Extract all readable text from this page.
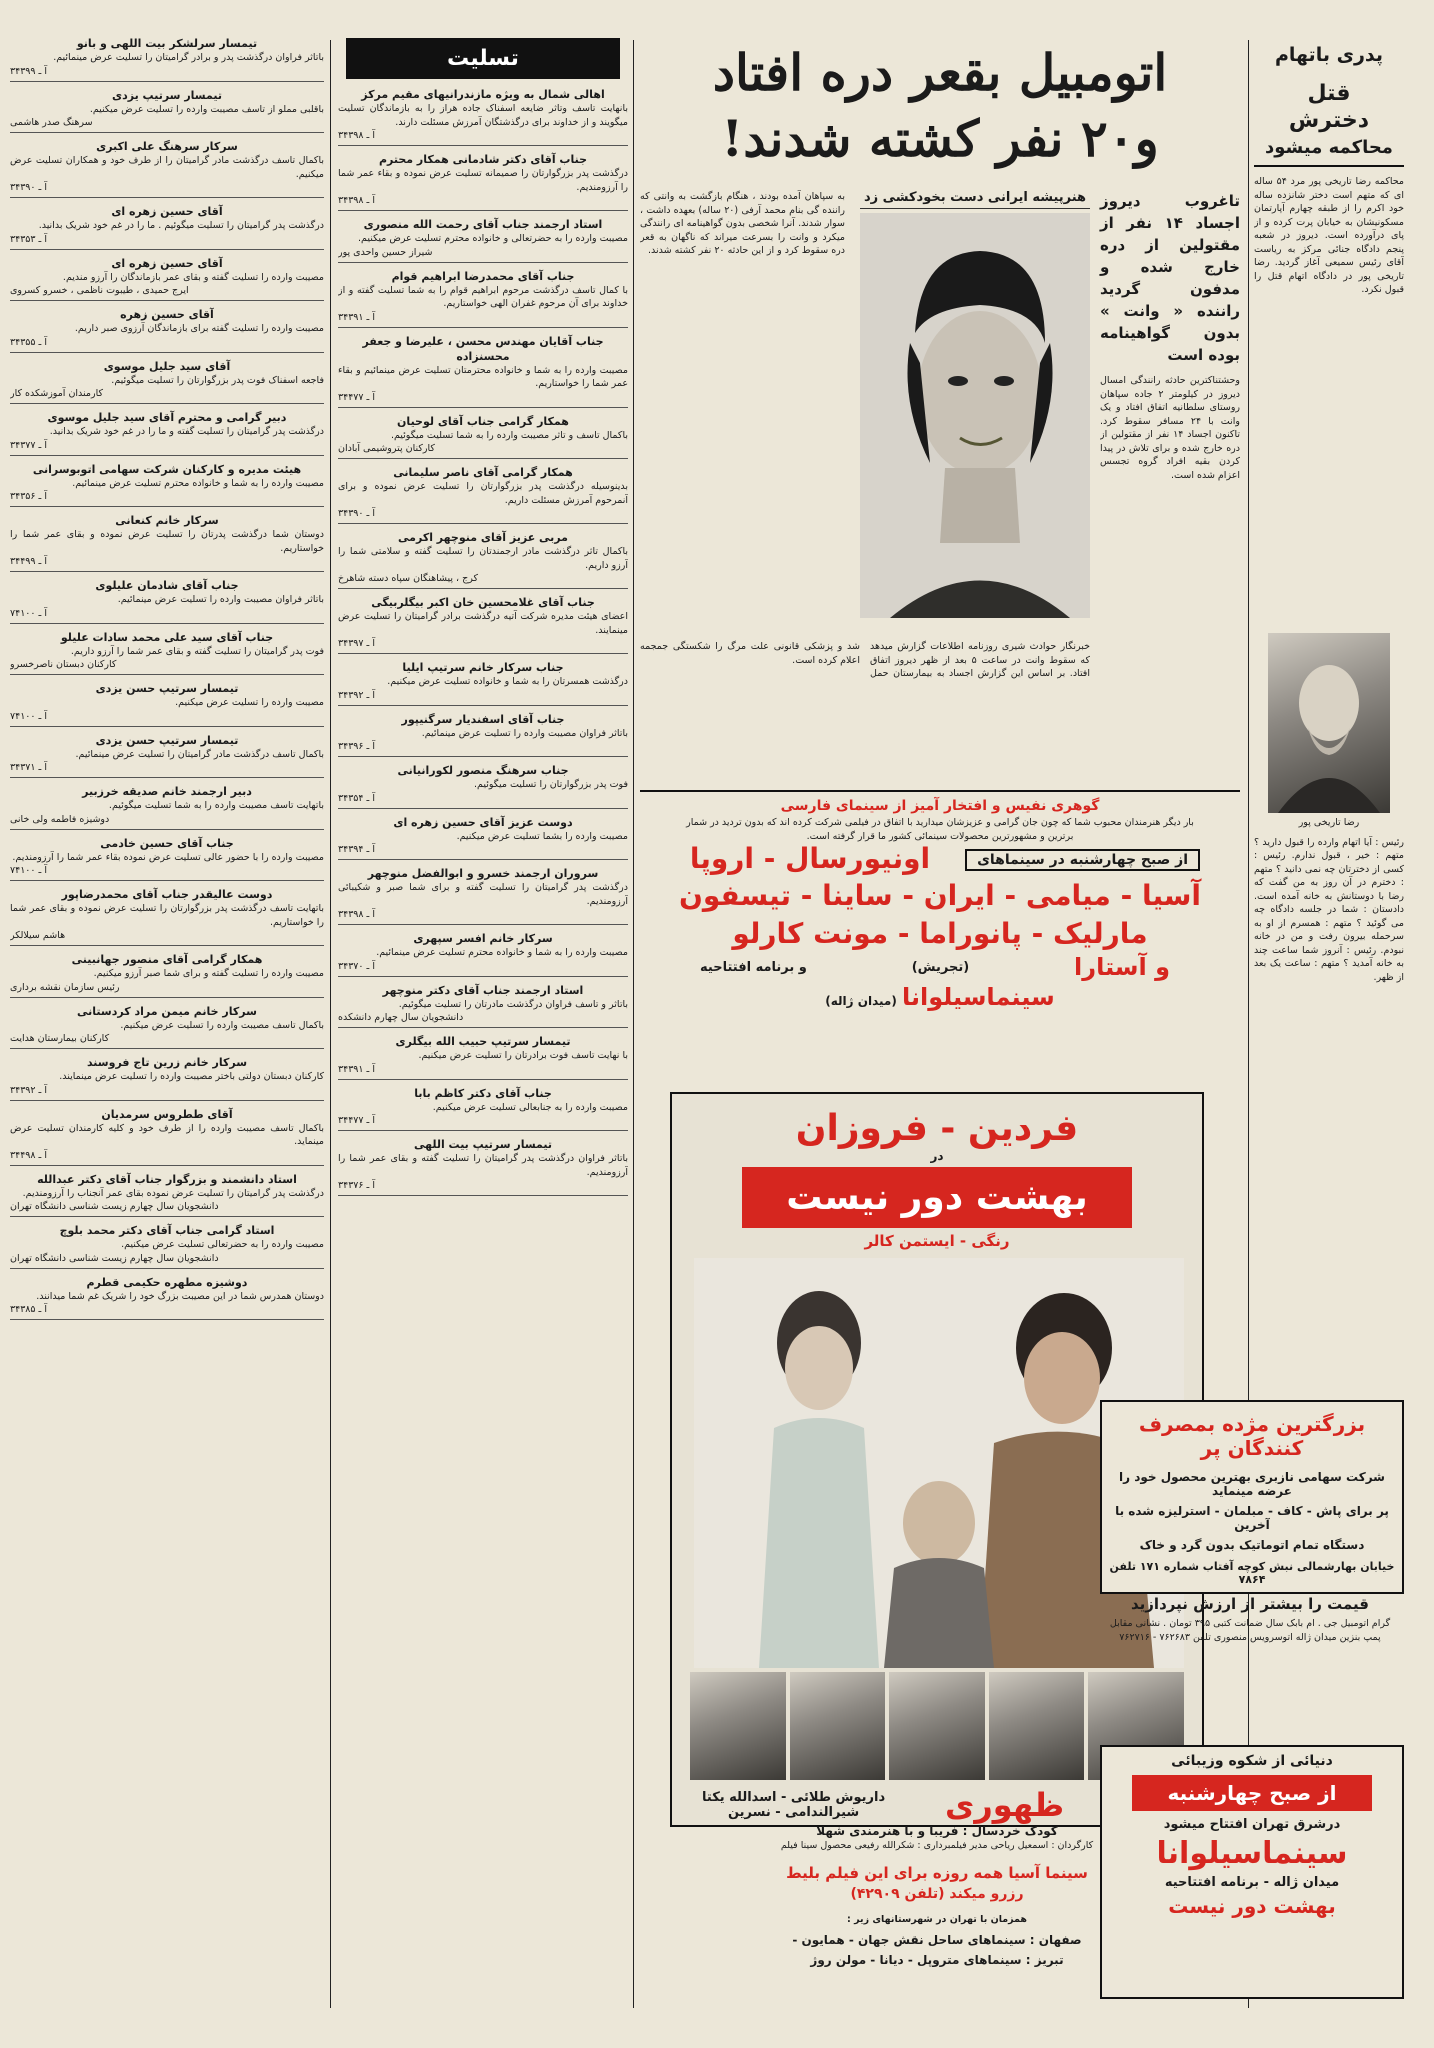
پدری باتهام
قتل
دخترش
محاکمه میشود
محاکمه رضا تاریخی پور مرد ۵۴ ساله ای که متهم است دختر شانزده ساله خود اکرم را از طبقه چهارم آپارتمان مسکونیشان به خیابان پرت کرده و از پای درآورده است. دیروز در شعبه پنجم دادگاه جنائی مرکز به ریاست آقای رئیس سمیعی آغاز گردید. رضا تاریخی پور در دادگاه اتهام قتل را قبول نکرد.
رضا تاریخی پور
رئیس : آیا اتهام وارده را قبول دارید ؟ متهم : خیر ، قبول ندارم. رئیس : کسی از دخترتان چه نمی دانید ؟ متهم : دخترم در آن روز به من گفت که رضا با دوستانش به خانه آمده است. دادستان : شما در جلسه دادگاه چه می گوئید ؟ متهم : همسرم از او به سرحمله بیرون رفت و من در خانه نبودم. رئیس : آنروز شما ساعت چند به خانه آمدید ؟ متهم : ساعت یک بعد از ظهر.
اتومبیل بقعر دره افتاد
و۲۰ نفر کشته شدند!
تاغروب دیروز اجساد ۱۴ نفر از مقتولین از دره خارج شده و مدفون گردید راننده « وانت » بدون گواهینامه بوده است
وحشتناکترین حادثه رانندگی امسال دیروز در کیلومتر ۲ جاده سپاهان روستای سلطانیه اتفاق افتاد و یک وانت با ۲۴ مسافر سقوط کرد. تاکنون اجساد ۱۴ نفر از مقتولین از دره خارج شده و برای تلاش در پیدا کردن بقیه افراد گروه تجسس اعزام شده است.
هنرپیشه ایرانی دست بخودکشی زد
به سپاهان آمده بودند ، هنگام بازگشت به وانتی که راننده گی بنام محمد آرفی (۲۰ ساله) بعهده داشت ، سوار شدند. آنرا شخصی بدون گواهینامه ای رانندگی میکرد و وانت را بسرعت میراند که ناگهان به قعر دره سقوط کرد و از این حادثه ۲۰ نفر کشته شدند.
خبرنگار حوادث شیری روزنامه اطلاعات گزارش میدهد که سقوط وانت در ساعت ۵ بعد از ظهر دیروز اتفاق افتاد. بر اساس این گزارش اجساد به بیمارستان حمل شد و پزشکی قانونی علت مرگ را شکستگی جمجمه اعلام کرده است.
گوهری نفیس و افتخار آمیز از سینمای فارسی
بار دیگر هنرمندان محبوب شما که چون جان گرامی و عزیزشان میدارید با اتفاق در فیلمی شرکت کرده اند که بدون تردید در شمار برترین و مشهورترین محصولات سینمائی کشور ما قرار گرفته است.
از صبح چهارشنبه در سینماهای
اونیورسال - اروپا
آسیا - میامی - ایران - ساینا - تیسفون
مارلیک - پانوراما - مونت کارلو
و آستارا
(تجریش)
و برنامه افتتاحیه
سینماسیلوانا (میدان ژاله)
فردین - فروزان
در
بهشت دور نیست
رنگی - ایستمن کالر
ظهوری
داریوش طلائی - اسدالله یکتا
شیرالندامی - نسرین
کودک خردسال : فریبا و با هنرمندی شهلا
کارگردان : اسمعیل ریاحی مدیر فیلمبرداری : شکرالله رفیعی محصول سینا فیلم
سینما آسیا همه روزه برای این فیلم بلیط
رزرو میکند (تلفن ۴۲۹۰۹)
همزمان با تهران در شهرستانهای زیر :
صفهان : سینماهای ساحل نقش جهان - همایون -
تبریز : سینماهای متروپل - دیانا - مولن روژ
بزرگترین مژده بمصرف کنندگان پر
شرکت سهامی نازبری بهترین محصول خود را عرضه مینماید
پر برای پاش - کاف - مبلمان - استرلیزه شده با آخرین
دستگاه تمام اتوماتیک بدون گرد و خاک
خیابان بهارشمالی نبش کوچه آفتاب شماره ۱۷۱ تلفن ۷۸۶۴
قیمت را بیشتر از ارزش نپردازید
گرام اتومبیل جی . ام بابک سال ضمانت کتبی ۳۹۵ تومان . نشانی مقابل پمپ بنزین میدان ژاله اتوسرویس منصوری تلفن ۷۶۲۶۸۳ - ۷۶۲۷۱۶
دنیائی از شکوه وزیبائی
از صبح چهارشنبه
درشرق تهران افتتاح میشود
سینماسیلوانا
میدان ژاله - برنامه افتتاحیه
بهشت دور نیست
تسلیت
اهالی شمال به ویژه مازندرانیهای مقیم مرکز
بانهایت تاسف وتاثر ضایعه اسفناک جاده هراز را به بازماندگان تسلیت میگویند و از خداوند برای درگذشتگان آمرزش مسئلت دارند.
آ ـ ۳۴۳۹۸
جناب آقای دکتر شادمانی همکار محترم
درگذشت پدر بزرگوارتان را صمیمانه تسلیت عرض نموده و بقاء عمر شما را آرزومندیم.
آ ـ ۳۴۳۹۸
استاد ارجمند جناب آقای رحمت الله منصوری
مصیبت وارده را به حضرتعالی و خانواده محترم تسلیت عرض میکنیم.
شیراز حسین واحدی پور
جناب آقای محمدرضا ابراهیم قوام
با کمال تاسف درگذشت مرحوم ابراهیم قوام را به شما تسلیت گفته و از خداوند برای آن مرحوم غفران الهی خواستاریم.
آ ـ ۳۴۳۹۱
جناب آقایان مهندس محسن ، علیرضا و جعفر محسنزاده
مصیبت وارده را به شما و خانواده محترمتان تسلیت عرض مینمائیم و بقاء عمر شما را خواستاریم.
آ ـ ۳۴۴۷۷
همکار گرامی جناب آقای لوحیان
باکمال تاسف و تاثر مصیبت وارده را به شما تسلیت میگوئیم.
کارکنان پتروشیمی آبادان
همکار گرامی آقای ناصر سلیمانی
بدینوسیله درگذشت پدر بزرگوارتان را تسلیت عرض نموده و برای آنمرحوم آمرزش مسئلت داریم.
آ ـ ۳۴۳۹۰
مربی عزیز آقای منوچهر اکرمی
باکمال تاثر درگذشت مادر ارجمندتان را تسلیت گفته و سلامتی شما را آرزو داریم.
کرج ، پیشاهنگان سپاه دسته شاهرخ
جناب آقای غلامحسین خان اکبر بیگلربیگی
اعضای هیئت مدیره شرکت آتیه درگذشت برادر گرامیتان را تسلیت عرض مینمایند.
آ ـ ۳۴۳۹۷
جناب سرکار خانم سرتیپ ایلیا
درگذشت همسرتان را به شما و خانواده تسلیت عرض میکنیم.
آ ـ ۳۴۳۹۲
جناب آقای اسفندیار سرگنیپور
باتاثر فراوان مصیبت وارده را تسلیت عرض مینمائیم.
آ ـ ۳۴۳۹۶
جناب سرهنگ منصور لکورانیانی
فوت پدر بزرگوارتان را تسلیت میگوئیم.
آ ـ ۳۴۳۵۴
دوست عزیز آقای حسین زهره ای
مصیبت وارده را بشما تسلیت عرض میکنیم.
آ ـ ۳۴۳۹۴
سروران ارجمند خسرو و ابوالفضل منوچهر
درگذشت پدر گرامیتان را تسلیت گفته و برای شما صبر و شکیبائی آرزومندیم.
آ ـ ۳۴۳۹۸
سرکار خانم افسر سپهری
مصیبت وارده را به شما و خانواده محترم تسلیت عرض مینمائیم.
آ ـ ۳۴۳۷۰
استاد ارجمند جناب آقای دکتر منوچهر
باتاثر و تاسف فراوان درگذشت مادرتان را تسلیت میگوئیم.
دانشجویان سال چهارم دانشکده
تیمسار سرتیپ حبیب الله بیگلری
با نهایت تاسف فوت برادرتان را تسلیت عرض میکنیم.
آ ـ ۳۴۳۹۱
جناب آقای دکتر کاظم بابا
مصیبت وارده را به جنابعالی تسلیت عرض میکنیم.
آ ـ ۳۴۴۷۷
تیمسار سرتیپ بیت اللهی
باتاثر فراوان درگذشت پدر گرامیتان را تسلیت گفته و بقای عمر شما را آرزومندیم.
آ ـ ۳۴۳۷۶
تیمسار سرلشکر بیت اللهی و بانو
باتاثر فراوان درگذشت پدر و برادر گرامیتان را تسلیت عرض مینمائیم.
آ ـ ۳۴۳۹۹
تیمسار سرتیپ یزدی
باقلبی مملو از تاسف مصیبت وارده را تسلیت عرض میکنیم.
سرهنگ صدر هاشمی
سرکار سرهنگ علی اکبری
باکمال تاسف درگذشت مادر گرامیتان را از طرف خود و همکاران تسلیت عرض میکنیم.
آ ـ ۳۴۳۹۰
آقای حسین زهره ای
درگذشت پدر گرامیتان را تسلیت میگوئیم . ما را در غم خود شریک بدانید.
آ ـ ۳۴۳۵۳
آقای حسین زهره ای
مصیبت وارده را تسلیت گفته و بقای عمر بازماندگان را آرزو مندیم.
ایرج حمیدی ، طیبوت ناظمی ، خسرو کسروی
آقای حسین زهره
مصیبت وارده را تسلیت گفته برای بازماندگان آرزوی صبر داریم.
آ ـ ۳۴۳۵۵
آقای سید جلیل موسوی
فاجعه اسفناک فوت پدر بزرگوارتان را تسلیت میگوئیم.
کارمندان آموزشکده کار
دبیر گرامی و محترم آقای سید جلیل موسوی
درگذشت پدر گرامیتان را تسلیت گفته و ما را در غم خود شریک بدانید.
آ ـ ۳۴۳۷۷
هیئت مدیره و کارکنان شرکت سهامی اتوبوسرانی
مصیبت وارده را به شما و خانواده محترم تسلیت عرض مینمائیم.
آ ـ ۳۴۳۵۶
سرکار خانم کنعانی
دوستان شما درگذشت پدرتان را تسلیت عرض نموده و بقای عمر شما را خواستاریم.
آ ـ ۳۴۴۹۹
جناب آقای شادمان علیلوی
باتاثر فراوان مصیبت وارده را تسلیت عرض مینمائیم.
آ ـ ۷۴۱۰۰
جناب آقای سید علی محمد سادات علیلو
فوت پدر گرامیتان را تسلیت گفته و بقای عمر شما را آرزو داریم.
کارکنان دبستان ناصرخسرو
تیمسار سرتیپ حسن یزدی
مصیبت وارده را تسلیت عرض میکنیم.
آ ـ ۷۴۱۰۰
تیمسار سرتیپ حسن یزدی
باکمال تاسف درگذشت مادر گرامیتان را تسلیت عرض مینمائیم.
آ ـ ۳۴۳۷۱
دبیر ارجمند خانم صدیقه خرزبیر
باتهایت تاسف مصیبت وارده را به شما تسلیت میگوئیم.
دوشیزه فاطمه ولی خانی
جناب آقای حسین خادمی
مصیبت وارده را با حضور عالی تسلیت عرض نموده بقاء عمر شما را آرزومندیم.
آ ـ ۷۴۱۰۰
دوست عالیقدر جناب آقای محمدرضاپور
باتهایت تاسف درگذشت پدر بزرگوارتان را تسلیت عرض نموده و بقای عمر شما را خواستاریم.
هاشم سیلالکر
همکار گرامی آقای منصور جهانبینی
مصیبت وارده را تسلیت گفته و برای شما صبر آرزو میکنیم.
رئیس سازمان نقشه برداری
سرکار خانم میمن مراد کردستانی
باکمال تاسف مصیبت وارده را تسلیت عرض میکنیم.
کارکنان بیمارستان هدایت
سرکار خانم زرین تاج فروسند
کارکنان دبستان دولتی باختر مصیبت وارده را تسلیت عرض مینمایند.
آ ـ ۳۴۳۹۲
آقای ططروس سرمدیان
باکمال تاسف مصیبت وارده را از طرف خود و کلیه کارمندان تسلیت عرض مینماید.
آ ـ ۳۴۴۹۸
استاد دانشمند و بزرگوار جناب آقای دکتر عبدالله
درگذشت پدر گرامیتان را تسلیت عرض نموده بقای عمر آنجناب را آرزومندیم.
دانشجویان سال چهارم زیست شناسی دانشگاه تهران
استاد گرامی جناب آقای دکتر محمد بلوچ
مصیبت وارده را به حضرتعالی تسلیت عرض میکنیم.
دانشجویان سال چهارم زیست شناسی دانشگاه تهران
دوشیزه مطهره حکیمی قطرم
دوستان همدرس شما در این مصیبت بزرگ خود را شریک غم شما میدانند.
آ ـ ۳۴۳۸۵
